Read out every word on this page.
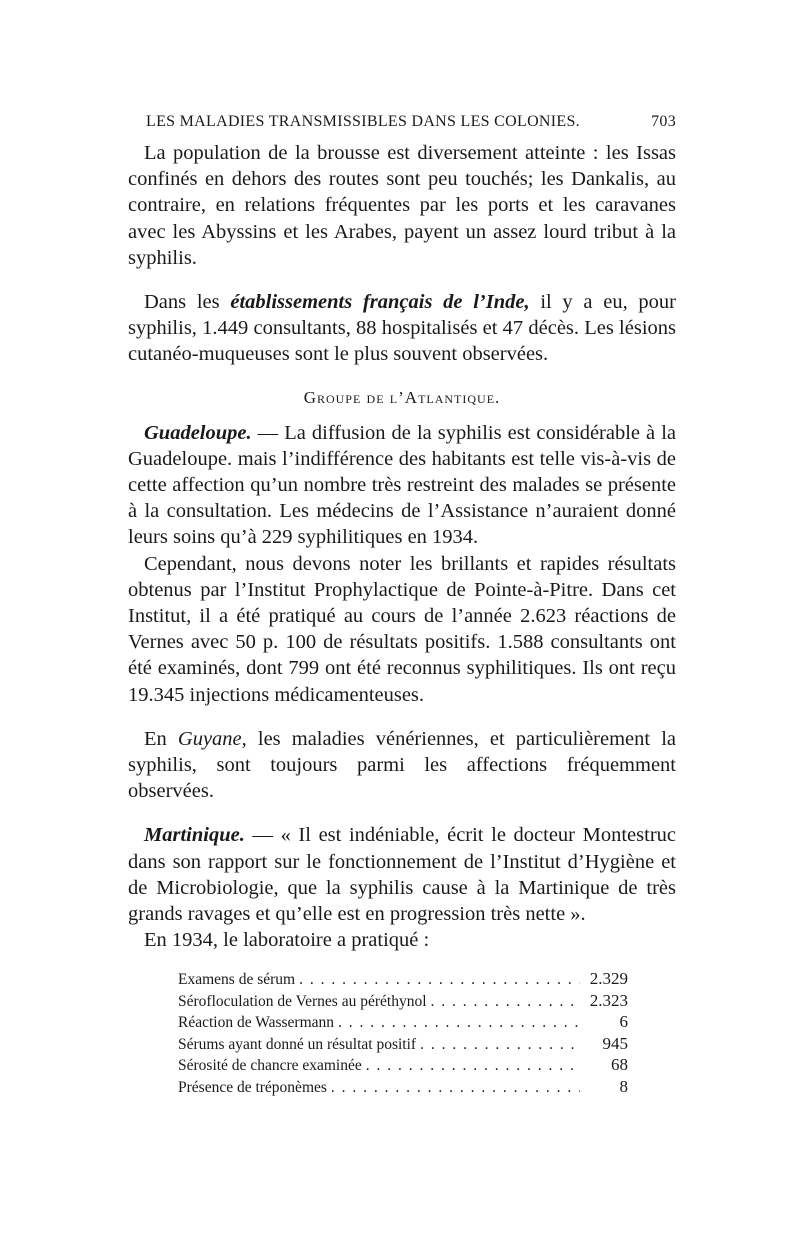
LES MALADIES TRANSMISSIBLES DANS LES COLONIES.	703

La population de la brousse est diversement atteinte : les Issas confinés en dehors des routes sont peu touchés; les Dankalis, au contraire, en relations fréquentes par les ports et les caravanes avec les Abyssins et les Arabes, payent un assez lourd tribut à la syphilis.

Dans les établissements français de l’Inde, il y a eu, pour syphilis, 1.449 consultants, 88 hospitalisés et 47 décès. Les lésions cutanéo-muqueuses sont le plus souvent observées.

Groupe de l’Atlantique.

Guadeloupe. — La diffusion de la syphilis est considérable à la Guadeloupe. mais l’indifférence des habitants est telle vis-à-vis de cette affection qu’un nombre très restreint des malades se présente à la consultation. Les médecins de l’Assistance n’auraient donné leurs soins qu’à 229 syphilitiques en 1934.

Cependant, nous devons noter les brillants et rapides résultats obtenus par l’Institut Prophylactique de Pointe-à-Pitre. Dans cet Institut, il a été pratiqué au cours de l’année 2.623 réactions de Vernes avec 50 p. 100 de résultats positifs. 1.588 consultants ont été examinés, dont 799 ont été reconnus syphilitiques. Ils ont reçu 19.345 injections médicamenteuses.

En Guyane, les maladies vénériennes, et particulièrement la syphilis, sont toujours parmi les affections fréquemment observées.

Martinique. — « Il est indéniable, écrit le docteur Montestruc dans son rapport sur le fonctionnement de l’Institut d’Hygiène et de Microbiologie, que la syphilis cause à la Martinique de très grands ravages et qu’elle est en progression très nette ».

En 1934, le laboratoire a pratiqué :

Examens de sérum . . .	2.329
Sérofloculation de Vernes au péréthynol . . .	2.323
Réaction de Wassermann . . .	6
Sérums ayant donné un résultat positif . . .	945
Sérosité de chancre examinée . . .	68
Présence de tréponèmes . . .	8
